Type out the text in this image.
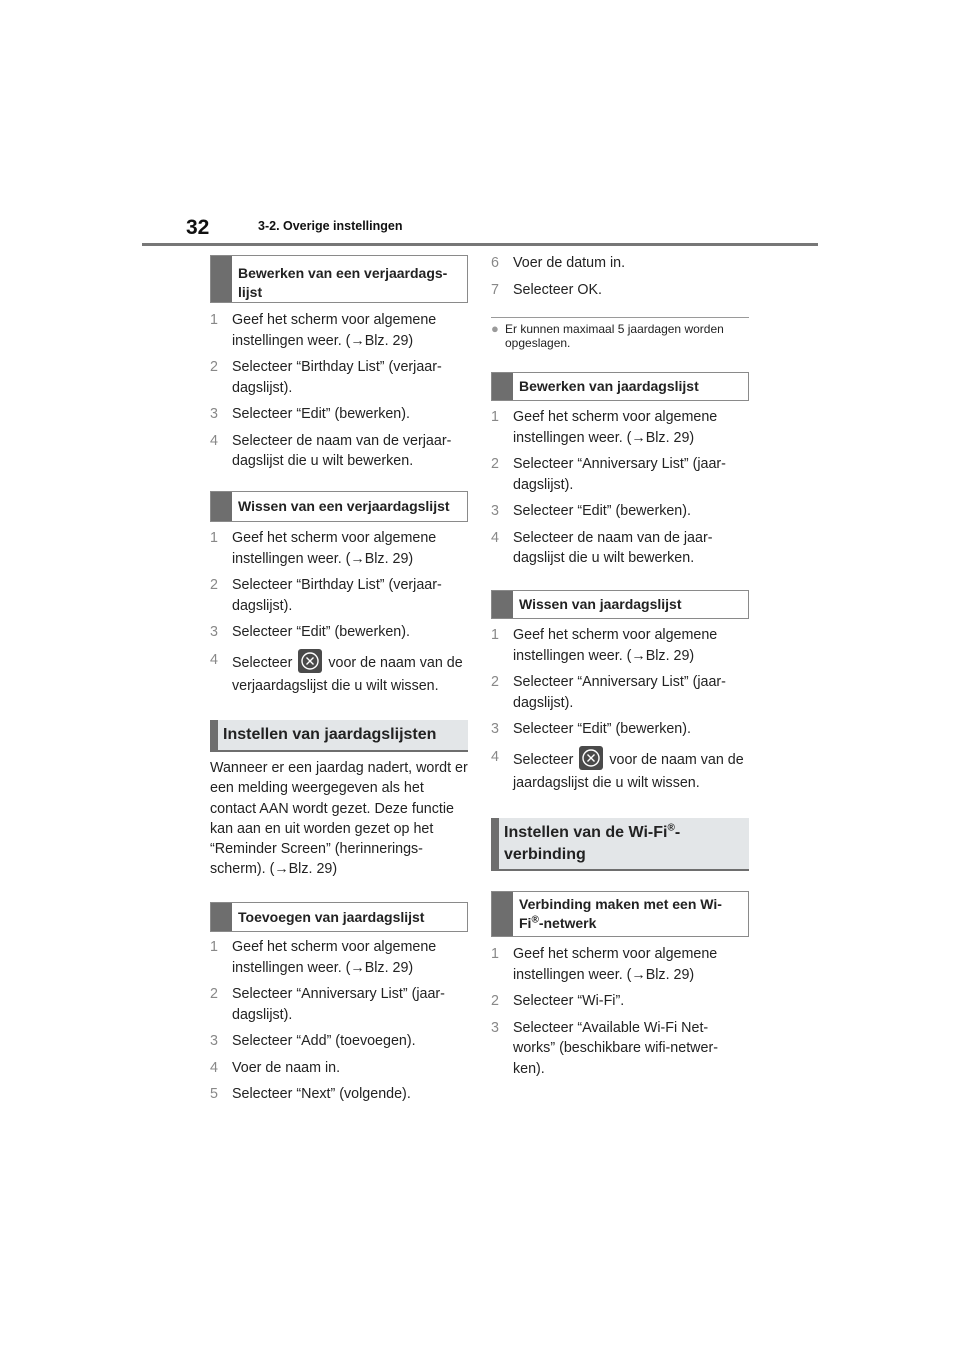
32	3-2. Overige instellingen
Bewerken van een verjaardags-lijst
1 Geef het scherm voor algemene instellingen weer. (→Blz. 29)
2 Selecteer “Birthday List” (verjaar-dagslijst).
3 Selecteer “Edit” (bewerken).
4 Selecteer de naam van de verjaar-dagslijst die u wilt bewerken.
Wissen van een verjaardagslijst
1 Geef het scherm voor algemene instellingen weer. (→Blz. 29)
2 Selecteer “Birthday List” (verjaar-dagslijst).
3 Selecteer “Edit” (bewerken).
4 Selecteer	voor de naam van de verjaardagslijst die u wilt wissen.
Instellen van jaardagslijsten

Wanneer er een jaardag nadert, wordt er een melding weergegeven als het contact AAN wordt gezet. Deze functie kan aan en uit worden gezet op het “Reminder Screen” (herinnerings-scherm). (→Blz. 29)

Toevoegen van jaardagslijst
1 Geef het scherm voor algemene instellingen weer. (→Blz. 29)
2 Selecteer “Anniversary List” (jaar-dagslijst).
3 Selecteer “Add” (toevoegen).
4 Voer de naam in.
5 Selecteer “Next” (volgende).
6 Voer de datum in.
7 Selecteer OK.
● Er kunnen maximaal 5 jaardagen worden opgeslagen.
Bewerken van jaardagslijst
1 Geef het scherm voor algemene instellingen weer. (→Blz. 29)
2 Selecteer “Anniversary List” (jaar-dagslijst).
3 Selecteer “Edit” (bewerken).
4 Selecteer de naam van de jaar-dagslijst die u wilt bewerken.
Wissen van jaardagslijst
1 Geef het scherm voor algemene instellingen weer. (→Blz. 29)
2 Selecteer “Anniversary List” (jaar-dagslijst).
3 Selecteer “Edit” (bewerken).
4 Selecteer	voor de naam van de jaardagslijst die u wilt wissen.
Instellen van de Wi-Fi®-
verbinding
Verbinding maken met een Wi-Fi®-netwerk
1 Geef het scherm voor algemene instellingen weer. (→Blz. 29)
2 Selecteer “Wi-Fi”.
3 Selecteer “Available Wi-Fi Net-works” (beschikbare wifi-netwer-ken).
